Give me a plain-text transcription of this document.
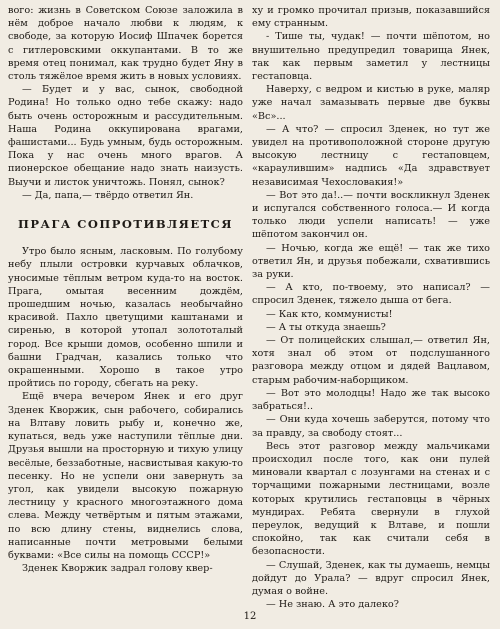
вого: жизнь в Советском Союзе заложила в нём доброе начало любви к людям, к свободе, за которую Иосиф Шпачек борется с гитлеровскими оккупантами. В то же время отец понимал, как трудно будет Яну в столь тяжёлое время жить в новых условиях.

— Будет и у вас, сынок, свободной Родина! Но только одно тебе скажу: надо быть очень осторожным и рассудительным. Наша Родина оккупирована врагами, фашистами... Будь умным, будь осторожным. Пока у нас очень много врагов. А пионерское обещание надо знать наизусть. Выучи и листок уничтожь. Понял, сынок?

— Да, папа,— твёрдо ответил Ян.

ПРАГА СОПРОТИВЛЯЕТСЯ

Утро было ясным, ласковым. По голубому небу плыли островки курчавых облачков, уносимые тёплым ветром куда-то на восток. Прага, омытая весенним дождём, прошедшим ночью, казалась необычайно красивой. Пахло цветущими каштанами и сиренью, в которой утопал золототалый город. Все крыши домов, особенно шпили и башни Градчан, казались только что окрашенными. Хорошо в такое утро пройтись по городу, сбегать на реку.

Ещё вчера вечером Янек и его друг Зденек Кворжик, сын рабочего, собирались на Влтаву ловить рыбу и, конечно же, купаться, ведь уже наступили тёплые дни. Друзья вышли на просторную и тихую улицу весёлые, беззаботные, насвистывая какую-то песенку. Но не успели они завернуть за угол, как увидели высокую пожарную лестницу у красного многоэтажного дома слева. Между четвёртым и пятым этажами, по всю длину стены, виднелись слова, написанные почти метровыми белыми буквами: «Все силы на помощь СССР!»

Зденек Кворжик задрал голову квер-

ху и громко прочитал призыв, показавшийся ему странным.

- Тише ты, чудак! — почти шёпотом, но внушительно предупредил товарища Янек, так как первым заметил у лестницы гестаповца.

Наверху, с ведром и кистью в руке, маляр уже начал замазывать первые две буквы «Вс»...

— А что? — спросил Зденек, но тут же увидел на противоположной стороне другую высокую лестницу с гестаповцем, «караулившим» надпись «Да здравствует независимая Чехословакия!»

— Вот это да!..— почти воскликнул Зденек и испугался собственного голоса.— И когда только люди успели написать! — уже шёпотом закончил он.

— Ночью, когда же ещё! — так же тихо ответил Ян, и друзья побежали, схватившись за руки.

— А кто, по-твоему, это написал? — спросил Зденек, тяжело дыша от бега.

— Как кто, коммунисты!

— А ты откуда знаешь?

— От полицейских слышал,— ответил Ян, хотя знал об этом от подслушанного разговора между отцом и дядей Вацлавом, старым рабочим-наборщиком.

— Вот это молодцы! Надо же так высоко забраться!..

— Они куда хочешь заберутся, потому что за правду, за свободу стоят...

Весь этот разговор между мальчиками происходил после того, как они пулей миновали квартал с лозунгами на стенах и с торчащими пожарными лестницами, возле которых крутились гестаповцы в чёрных мундирах. Ребята свернули в глухой переулок, ведущий к Влтаве, и пошли спокойно, так как считали себя в безопасности.

— Слушай, Зденек, как ты думаешь, немцы дойдут до Урала? — вдруг спросил Янек, думая о войне.

— Не знаю. А это далеко?

12
